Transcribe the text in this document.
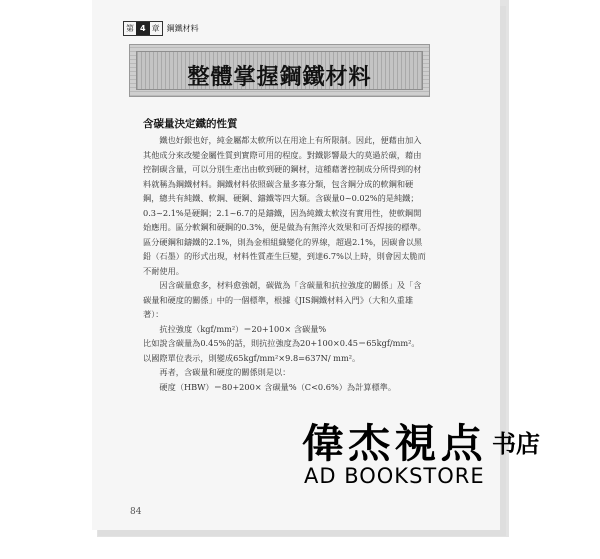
第 4 章 鋼鐵材料
整體掌握鋼鐵材料
含碳量決定鐵的性質

鐵也好銀也好，純金屬都太軟所以在用途上有所限制。因此，便藉由加入其他成分來改變金屬性質到實際可用的程度。對鐵影響最大的莫過於碳，藉由控制碳含量，可以分別生產出由軟到硬的鋼材，這種藉著控制成分所得到的材料就稱為鋼鐵材料。鋼鐵材料依照碳含量多寡分類，包含鋼分成的軟鋼和硬鋼，總共有純鐵、軟鋼、硬鋼、鑄鐵等四大類。含碳量0~0.02%的是純鐵；0.3~2.1%是硬鋼；2.1~6.7的是鑄鐵，因為純鐵太軟沒有實用性，使軟鋼開始應用。區分軟鋼和硬鋼的0.3%，便是做為有無淬火效果和可否焊接的標準。區分硬鋼和鑄鐵的2.1%，則為金相組織變化的界線，超過2.1%，因碳會以黑鉛（石墨）的形式出現，材料性質產生巨變，到達6.7%以上時，則會因太脆而不耐使用。

因含碳量愈多，材料愈強韌，碳做為「含碳量和抗拉強度的關係」及「含碳量和硬度的關係」中的一個標準，根據《JIS鋼鐵材料入門》（大和久重雄著）：

抗拉強度（kgf/mm²）＝20+100× 含碳量%

比如說含碳量為0.45%的話，則抗拉強度為20+100×0.45＝65kgf/mm²。以國際單位表示，則變成65kgf/mm²×9.8=637N/ mm²。

再者，含碳量和硬度的關係則是以：

硬度（HBW）＝80+200× 含碳量%（C<0.6%）為計算標準。

84
偉杰視点 书店
AD BOOKSTORE
